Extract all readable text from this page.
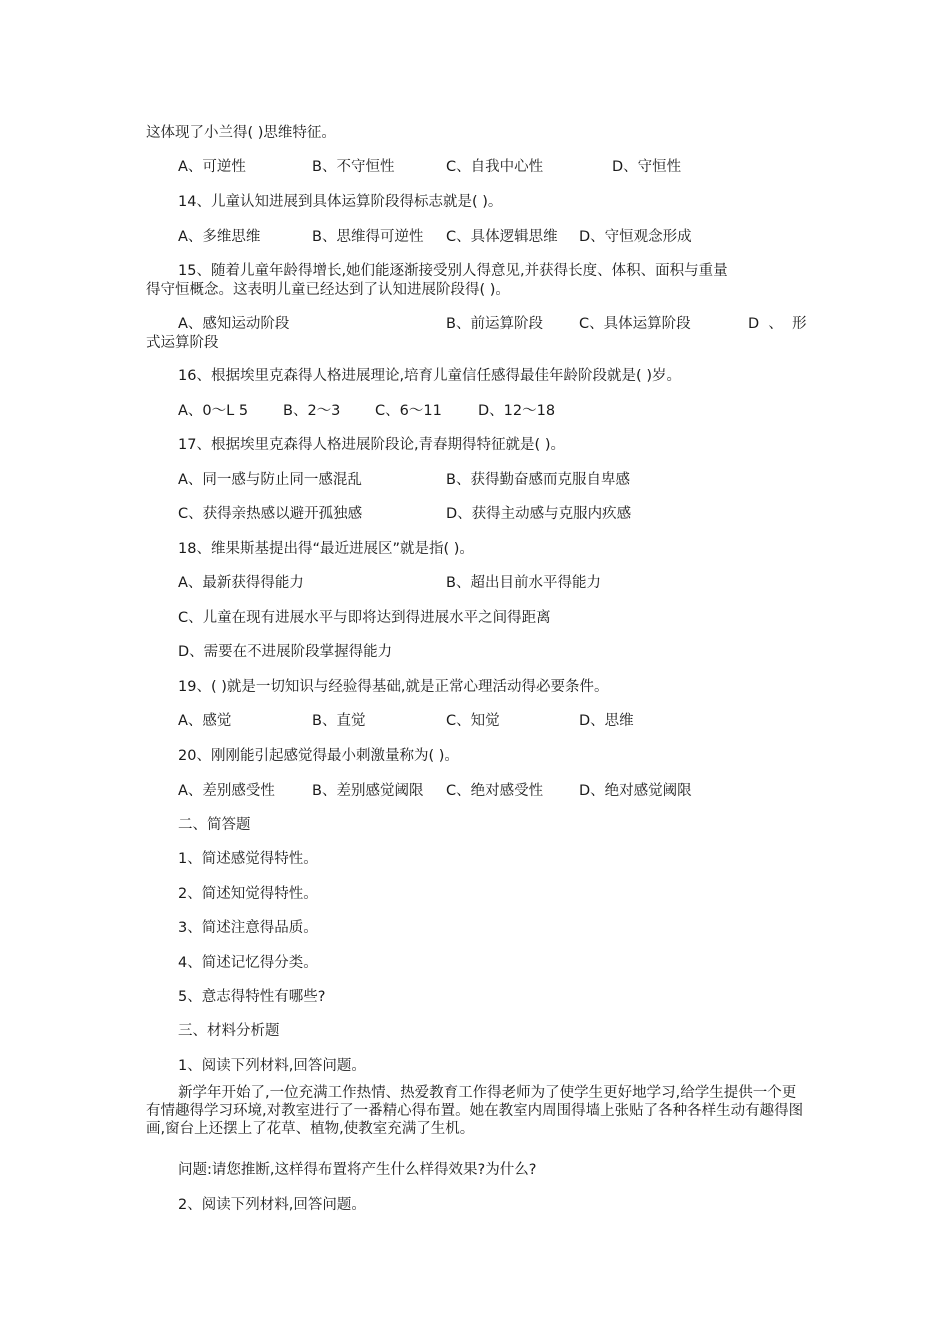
这体现了小兰得( )思维特征。
A、可逆性	B、不守恒性	C、自我中心性	D、守恒性
14、儿童认知进展到具体运算阶段得标志就是( )。
A、多维思维	B、思维得可逆性 C、具体逻辑思维 D、守恒观念形成
15、随着儿童年龄得增长,她们能逐渐接受别人得意见,并获得长度、体积、面积与重量
得守恒概念。这表明儿童已经达到了认知进展阶段得( )。
A、感知运动阶段	B、前运算阶段 C、具体运算阶段	D  、  形
式运算阶段
16、根据埃里克森得人格进展理论,培育儿童信任感得最佳年龄阶段就是( )岁。
A、0～L 5 B、2～3 C、6～11 D、12～18
17、根据埃里克森得人格进展阶段论,青春期得特征就是( )。
A、同一感与防止同一感混乱	B、获得勤奋感而克服自卑感
C、获得亲热感以避开孤独感	D、获得主动感与克服内疚感
18、维果斯基提出得“最近进展区”就是指( )。
A、最新获得得能力	B、超出目前水平得能力
C、儿童在现有进展水平与即将达到得进展水平之间得距离
D、需要在不进展阶段掌握得能力
19、( )就是一切知识与经验得基础,就是正常心理活动得必要条件。
A、感觉	B、直觉	C、知觉	D、思维
20、刚刚能引起感觉得最小刺激量称为( )。
A、差别感受性	B、差别感觉阈限 C、绝对感受性 D、绝对感觉阈限
二、简答题
1、简述感觉得特性。
2、简述知觉得特性。
3、简述注意得品质。
4、简述记忆得分类。
5、意志得特性有哪些?
三、材料分析题
1、阅读下列材料,回答问题。
新学年开始了,一位充满工作热情、热爱教育工作得老师为了使学生更好地学习,给学生提供一个更有情趣得学习环境,对教室进行了一番精心得布置。她在教室内周围得墙上张贴了各种各样生动有趣得图画,窗台上还摆上了花草、植物,使教室充满了生机。
问题:请您推断,这样得布置将产生什么样得效果?为什么?
2、阅读下列材料,回答问题。
